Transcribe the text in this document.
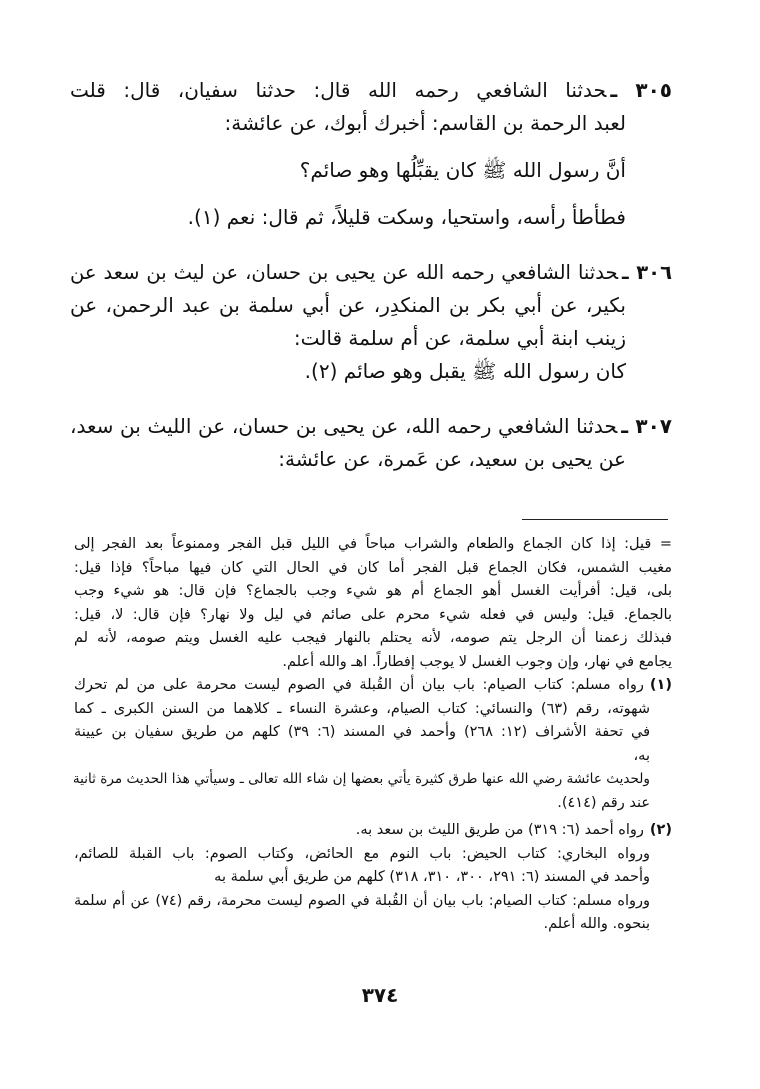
٣٠٥ ـحدثنا الشافعي رحمه الله قال: حدثنا سفيان، قال: قلت
لعبد الرحمة بن القاسم: أخبرك أبوك، عن عائشة:
أنَّ رسول الله ﷺ كان يقبِّلُها وهو صائم؟
فطأطأ رأسه، واستحيا، وسكت قليلاً، ثم قال: نعم (١).
٣٠٦ ـحدثنا الشافعي رحمه الله عن يحيى بن حسان، عن ليث بن سعد عن
بكير، عن أبي بكر بن المنكدِر، عن أبي سلمة بن عبد الرحمن، عن
زينب ابنة أبي سلمة، عن أم سلمة قالت:
كان رسول الله ﷺ يقبل وهو صائم (٢).
٣٠٧ ـحدثنا الشافعي رحمه الله، عن يحيى بن حسان، عن الليث بن سعد،
عن يحيى بن سعيد، عن عَمرة، عن عائشة:
= قيل: إذا كان الجماع والطعام والشراب مباحاً في الليل قبل الفجر وممنوعاً بعد الفجر إلى
مغيب الشمس، فكان الجماع قبل الفجر أما كان في الحال التي كان فيها مباحاً؟ فإذا قيل:
بلى، قيل: أفرأيت الغسل أهو الجماع أم هو شيء وجب بالجماع؟ فإن قال: هو شيء وجب
بالجماع. قيل: وليس في فعله شيء محرم على صائم في ليل ولا نهار؟ فإن قال: لا، قيل:
فبذلك زعمنا أن الرجل يتم صومه، لأنه يحتلم بالنهار فيجب عليه الغسل ويتم صومه، لأنه لم
يجامع في نهار، وإن وجوب الغسل لا يوجب إفطاراً. اهـ والله أعلم.
(١)رواه مسلم: كتاب الصيام: باب بيان أن القُبلة في الصوم ليست محرمة على من لم تحرك
شهوته، رقم (٦٣) والنسائي: كتاب الصيام، وعشرة النساء ـ كلاهما من السنن الكبرى ـ كما
في تحفة الأشراف (١٢: ٢٦٨) وأحمد في المسند (٦: ٣٩) كلهم من طريق سفيان بن عيينة
به،
ولحديث عائشة رضي الله عنها طرق كثيرة يأتي بعضها إن شاء الله تعالى ـ وسيأتي هذا الحديث مرة ثانية
عند رقم (٤١٤).
(٢)رواه أحمد (٦: ٣١٩) من طريق الليث بن سعد به.
ورواه البخاري: كتاب الحيض: باب النوم مع الحائض، وكتاب الصوم: باب القبلة للصائم،
وأحمد في المسند (٦: ٢٩١، ٣٠٠، ٣١٠، ٣١٨) كلهم من طريق أبي سلمة به
ورواه مسلم: كتاب الصيام: باب بيان أن القُبلة في الصوم ليست محرمة، رقم (٧٤) عن أم سلمة
بنحوه. والله أعلم.
٣٧٤
